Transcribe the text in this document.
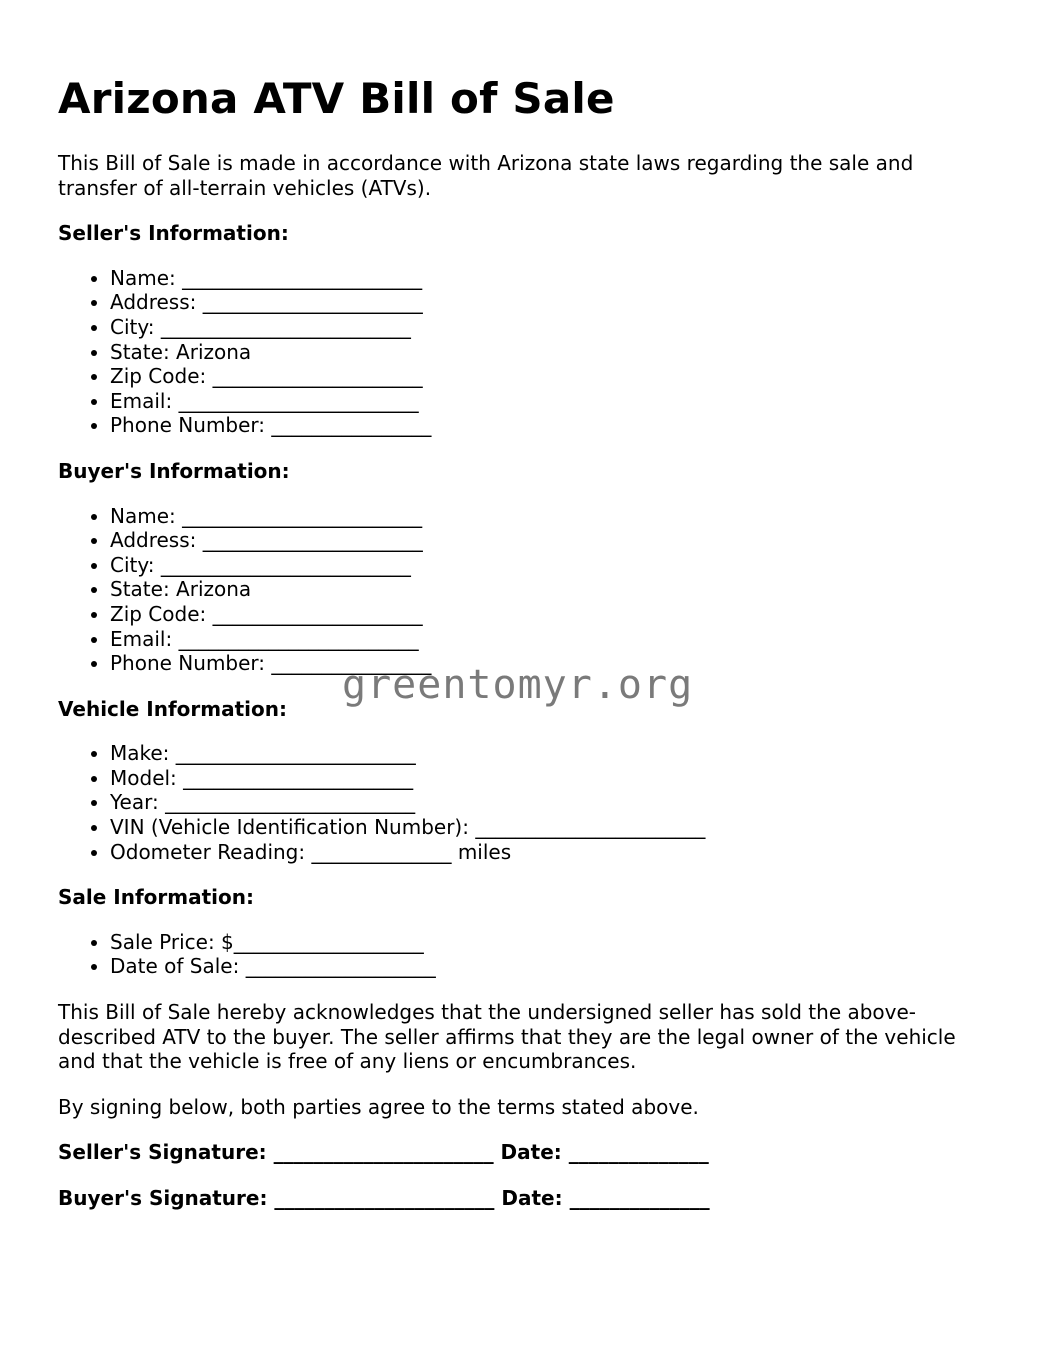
Arizona ATV Bill of Sale

This Bill of Sale is made in accordance with Arizona state laws regarding the sale and transfer of all-terrain vehicles (ATVs).

Seller's Information:
• Name: ________________________
• Address: ______________________
• City: _________________________
• State: Arizona
• Zip Code: _____________________
• Email: ________________________
• Phone Number: ________________
Buyer's Information:
• Name: ________________________
• Address: ______________________
• City: _________________________
• State: Arizona
• Zip Code: _____________________
• Email: ________________________
• Phone Number: ________________
Vehicle Information:
• Make: ________________________
• Model: _______________________
• Year: _________________________
• VIN (Vehicle Identification Number): _______________________
• Odometer Reading: ______________ miles
Sale Information:
• Sale Price: $___________________
• Date of Sale: ___________________

This Bill of Sale hereby acknowledges that the undersigned seller has sold the above-described ATV to the buyer. The seller affirms that they are the legal owner of the vehicle and that the vehicle is free of any liens or encumbrances.

By signing below, both parties agree to the terms stated above.

Seller's Signature: ______________________ Date: ______________
Buyer's Signature: ______________________ Date: ______________
greentomyr.org
